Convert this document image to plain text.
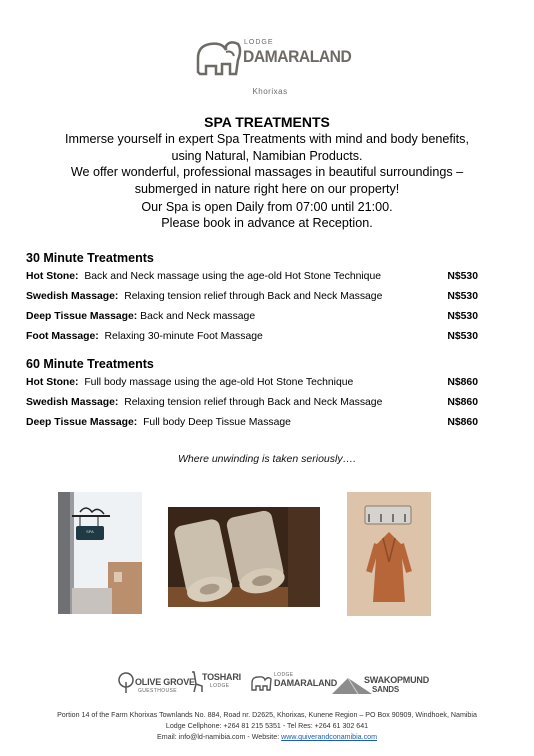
LODGE
DAMARALAND
Khorixas
SPA TREATMENTS
Immerse yourself in expert Spa Treatments with mind and body benefits,
using Natural, Namibian Products.
We offer wonderful, professional massages in beautiful surroundings –
submerged in nature right here on our property!
Our Spa is open Daily from 07:00 until 21:00.
Please book in advance at Reception.
30 Minute Treatments
Hot Stone: Back and Neck massage using the age-old Hot Stone Technique	N$530
Swedish Massage: Relaxing tension relief through Back and Neck Massage	N$530
Deep Tissue Massage: Back and Neck massage	N$530
Foot Massage: Relaxing 30-minute Foot Massage	N$530
60 Minute Treatments
Hot Stone: Full body massage using the age-old Hot Stone Technique	N$860
Swedish Massage: Relaxing tension relief through Back and Neck Massage	N$860
Deep Tissue Massage: Full body Deep Tissue Massage	N$860
Where unwinding is taken seriously….
SPA
OLIVE GROVE
GUESTHOUSE
TOSHARI
LODGE
LODGE
DAMARALAND	SWAKOPMUND
SANDS
Portion 14 of the Farm Khorixas Townlands No. 884, Road nr. D2625, Khorixas, Kunene Region – PO Box 90909, Windhoek, Namibia
Lodge Cellphone: +264 81 215 5351 - Tel Res: +264 61 302 641
Email: info@ld-namibia.com - Website: www.quiverandconamibia.com
